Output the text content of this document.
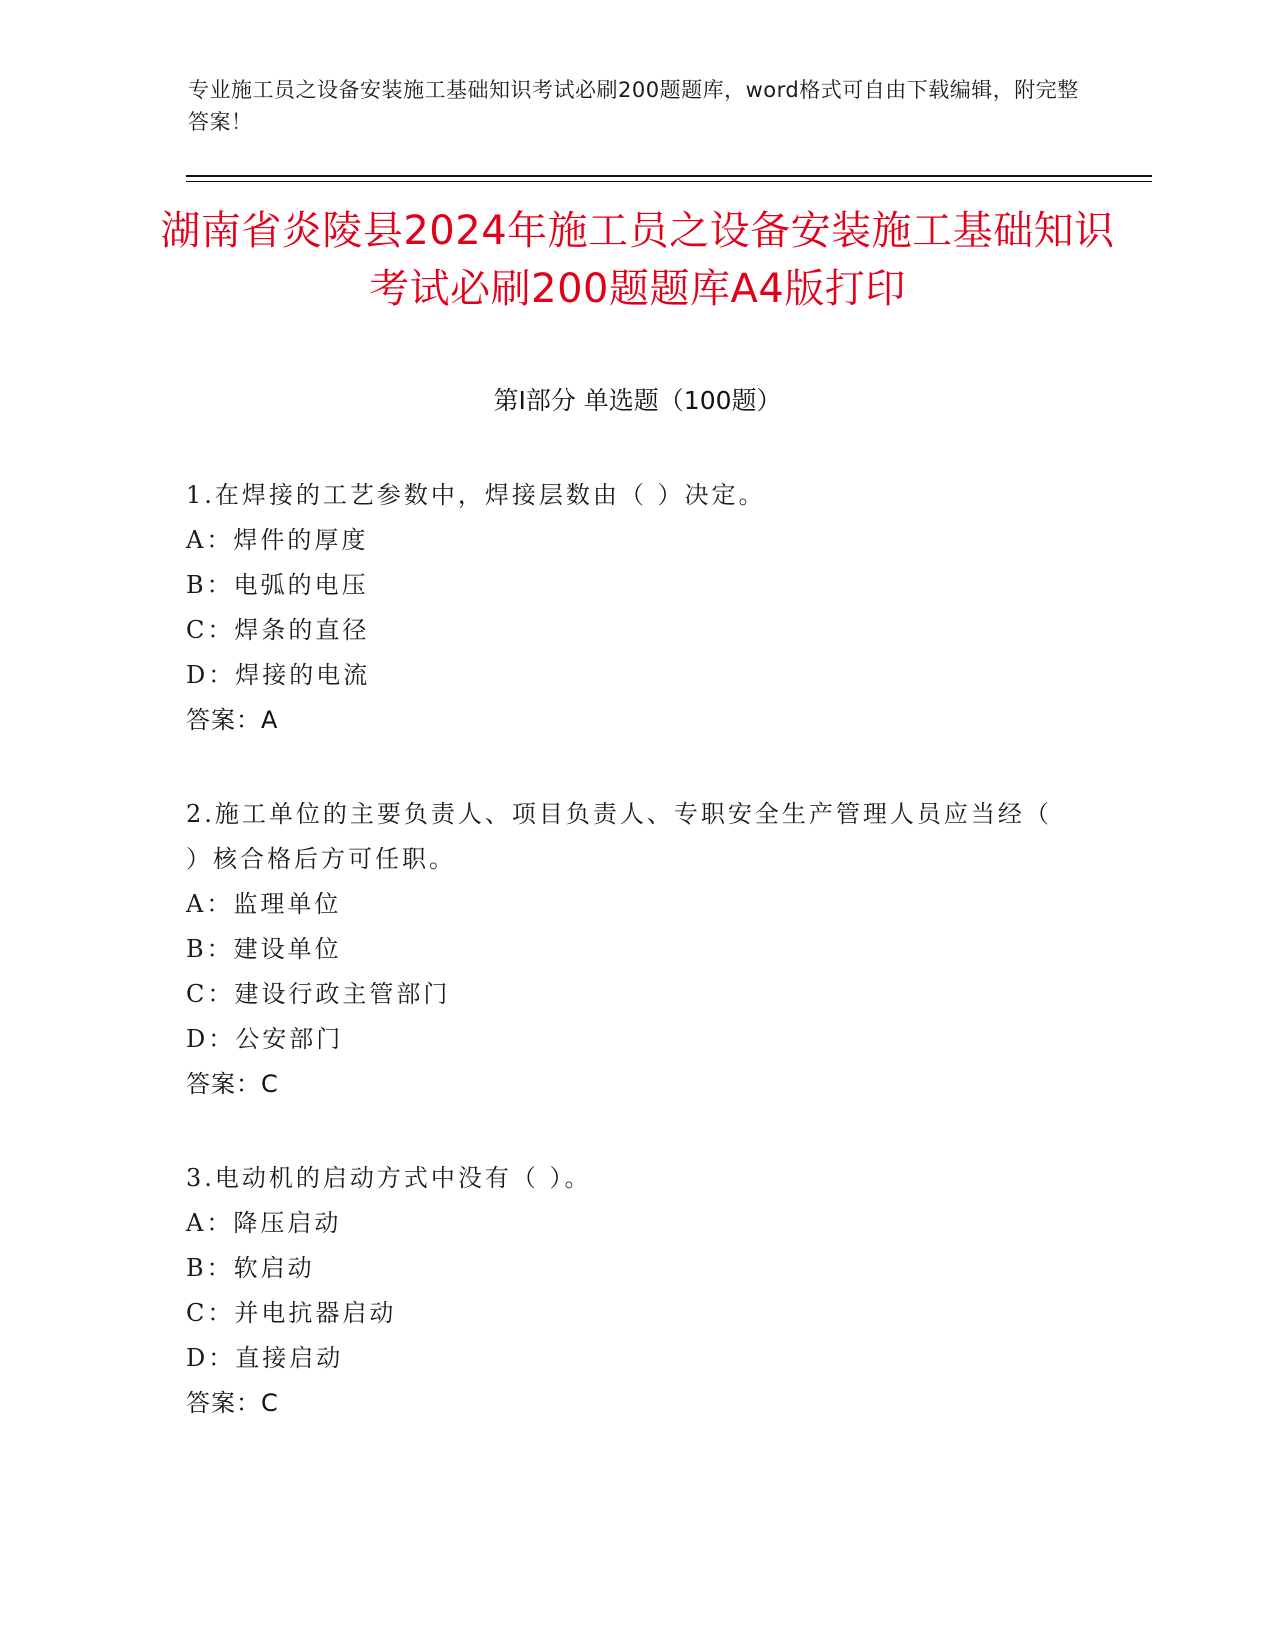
专业施工员之设备安装施工基础知识考试必刷200题题库，word格式可自由下载编辑，附完整答案！
湖南省炎陵县2024年施工员之设备安装施工基础知识考试必刷200题题库A4版打印
第Ⅰ部分 单选题（100题）
1.在焊接的工艺参数中，焊接层数由（ ）决定。
A：焊件的厚度
B：电弧的电压
C：焊条的直径
D：焊接的电流
答案：A
2.施工单位的主要负责人、项目负责人、专职安全生产管理人员应当经（ ）核合格后方可任职。
A：监理单位
B：建设单位
C：建设行政主管部门
D：公安部门
答案：C
3.电动机的启动方式中没有（ ）。
A：降压启动
B：软启动
C：并电抗器启动
D：直接启动
答案：C
